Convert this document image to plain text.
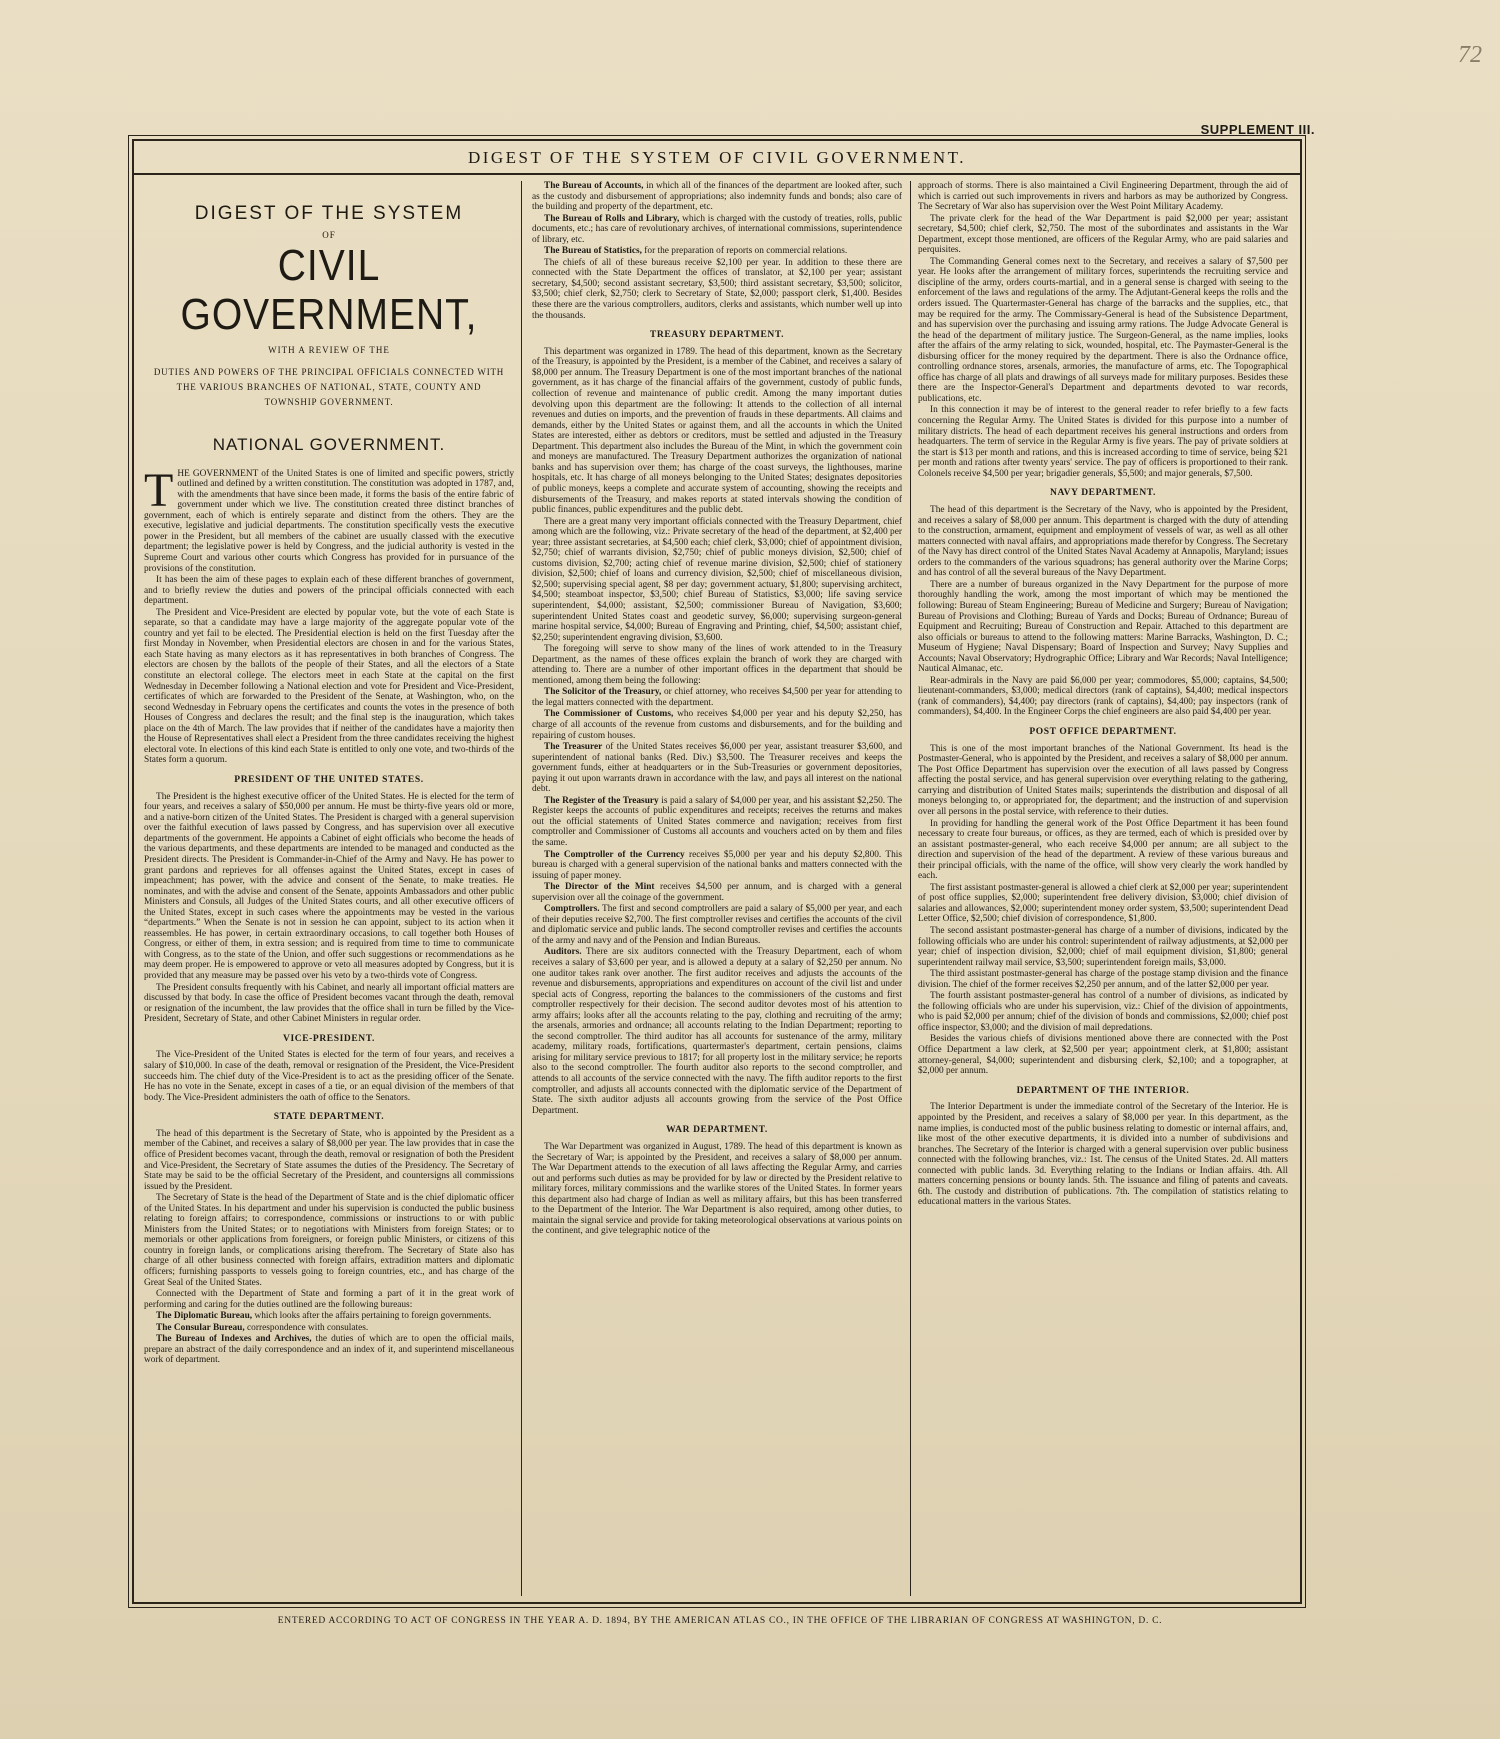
72
SUPPLEMENT III.
DIGEST OF THE SYSTEM OF CIVIL GOVERNMENT.
DIGEST OF THE SYSTEM
OF
CIVIL GOVERNMENT,
WITH A REVIEW OF THE
DUTIES AND POWERS OF THE PRINCIPAL OFFICIALS CONNECTED WITH THE VARIOUS BRANCHES OF NATIONAL, STATE, COUNTY AND TOWNSHIP GOVERNMENT.
NATIONAL GOVERNMENT.

THE GOVERNMENT of the United States is one of limited and specific powers, strictly outlined and defined by a written constitution. The constitution was adopted in 1787, and, with the amendments that have since been made, it forms the basis of the entire fabric of government under which we live. The constitution created three distinct branches of government, each of which is entirely separate and distinct from the others. They are the executive, legislative and judicial departments. The constitution specifically vests the executive power in the President, but all members of the cabinet are usually classed with the executive department; the legislative power is held by Congress, and the judicial authority is vested in the Supreme Court and various other courts which Congress has provided for in pursuance of the provisions of the constitution.

It has been the aim of these pages to explain each of these different branches of government, and to briefly review the duties and powers of the principal officials connected with each department.

The President and Vice-President are elected by popular vote, but the vote of each State is separate, so that a candidate may have a large majority of the aggregate popular vote of the country and yet fail to be elected. The Presidential election is held on the first Tuesday after the first Monday in November, when Presidential electors are chosen in and for the various States, each State having as many electors as it has representatives in both branches of Congress. The electors are chosen by the ballots of the people of their States, and all the electors of a State constitute an electoral college. The electors meet in each State at the capital on the first Wednesday in December following a National election and vote for President and Vice-President, certificates of which are forwarded to the President of the Senate, at Washington, who, on the second Wednesday in February opens the certificates and counts the votes in the presence of both Houses of Congress and declares the result; and the final step is the inauguration, which takes place on the 4th of March. The law provides that if neither of the candidates have a majority then the House of Representatives shall elect a President from the three candidates receiving the highest electoral vote. In elections of this kind each State is entitled to only one vote, and two-thirds of the States form a quorum.

PRESIDENT OF THE UNITED STATES.

The President is the highest executive officer of the United States. He is elected for the term of four years, and receives a salary of $50,000 per annum. He must be thirty-five years old or more, and a native-born citizen of the United States. The President is charged with a general supervision over the faithful execution of laws passed by Congress, and has supervision over all executive departments of the government. He appoints a Cabinet of eight officials who become the heads of the various departments, and these departments are intended to be managed and conducted as the President directs. The President is Commander-in-Chief of the Army and Navy. He has power to grant pardons and reprieves for all offenses against the United States, except in cases of impeachment; has power, with the advice and consent of the Senate, to make treaties. He nominates, and with the advise and consent of the Senate, appoints Ambassadors and other public Ministers and Consuls, all Judges of the United States courts, and all other executive officers of the United States, except in such cases where the appointments may be vested in the various “departments.” When the Senate is not in session he can appoint, subject to its action when it reassembles. He has power, in certain extraordinary occasions, to call together both Houses of Congress, or either of them, in extra session; and is required from time to time to communicate with Congress, as to the state of the Union, and offer such suggestions or recommendations as he may deem proper. He is empowered to approve or veto all measures adopted by Congress, but it is provided that any measure may be passed over his veto by a two-thirds vote of Congress.

The President consults frequently with his Cabinet, and nearly all important official matters are discussed by that body. In case the office of President becomes vacant through the death, removal or resignation of the incumbent, the law provides that the office shall in turn be filled by the Vice-President, Secretary of State, and other Cabinet Ministers in regular order.

VICE-PRESIDENT.

The Vice-President of the United States is elected for the term of four years, and receives a salary of $10,000. In case of the death, removal or resignation of the President, the Vice-President succeeds him. The chief duty of the Vice-President is to act as the presiding officer of the Senate. He has no vote in the Senate, except in cases of a tie, or an equal division of the members of that body. The Vice-President administers the oath of office to the Senators.

STATE DEPARTMENT.

The head of this department is the Secretary of State, who is appointed by the President as a member of the Cabinet, and receives a salary of $8,000 per year. The law provides that in case the office of President becomes vacant, through the death, removal or resignation of both the President and Vice-President, the Secretary of State assumes the duties of the Presidency. The Secretary of State may be said to be the official Secretary of the President, and countersigns all commissions issued by the President.

The Secretary of State is the head of the Department of State and is the chief diplomatic officer of the United States. In his department and under his supervision is conducted the public business relating to foreign affairs; to correspondence, commissions or instructions to or with public Ministers from the United States; or to negotiations with Ministers from foreign States; or to memorials or other applications from foreigners, or foreign public Ministers, or citizens of this country in foreign lands, or complications arising therefrom. The Secretary of State also has charge of all other business connected with foreign affairs, extradition matters and diplomatic officers; furnishing passports to vessels going to foreign countries, etc., and has charge of the Great Seal of the United States.

Connected with the Department of State and forming a part of it in the great work of performing and caring for the duties outlined are the following bureaus:

The Diplomatic Bureau, which looks after the affairs pertaining to foreign governments.

The Consular Bureau, correspondence with consulates.

The Bureau of Indexes and Archives, the duties of which are to open the official mails, prepare an abstract of the daily correspondence and an index of it, and superintend miscellaneous work of department.

The Bureau of Accounts, in which all of the finances of the department are looked after, such as the custody and disbursement of appropriations; also indemnity funds and bonds; also care of the building and property of the department, etc.

The Bureau of Rolls and Library, which is charged with the custody of treaties, rolls, public documents, etc.; has care of revolutionary archives, of international commissions, superintendence of library, etc.

The Bureau of Statistics, for the preparation of reports on commercial relations.

The chiefs of all of these bureaus receive $2,100 per year. In addition to these there are connected with the State Department the offices of translator, at $2,100 per year; assistant secretary, $4,500; second assistant secretary, $3,500; third assistant secretary, $3,500; solicitor, $3,500; chief clerk, $2,750; clerk to Secretary of State, $2,000; passport clerk, $1,400. Besides these there are the various comptrollers, auditors, clerks and assistants, which number well up into the thousands.

TREASURY DEPARTMENT.

This department was organized in 1789. The head of this department, known as the Secretary of the Treasury, is appointed by the President, is a member of the Cabinet, and receives a salary of $8,000 per annum. The Treasury Department is one of the most important branches of the national government, as it has charge of the financial affairs of the government, custody of public funds, collection of revenue and maintenance of public credit. Among the many important duties devolving upon this department are the following: It attends to the collection of all internal revenues and duties on imports, and the prevention of frauds in these departments. All claims and demands, either by the United States or against them, and all the accounts in which the United States are interested, either as debtors or creditors, must be settled and adjusted in the Treasury Department. This department also includes the Bureau of the Mint, in which the government coin and moneys are manufactured. The Treasury Department authorizes the organization of national banks and has supervision over them; has charge of the coast surveys, the lighthouses, marine hospitals, etc. It has charge of all moneys belonging to the United States; designates depositories of public moneys, keeps a complete and accurate system of accounting, showing the receipts and disbursements of the Treasury, and makes reports at stated intervals showing the condition of public finances, public expenditures and the public debt.

There are a great many very important officials connected with the Treasury Department, chief among which are the following, viz.: Private secretary of the head of the department, at $2,400 per year; three assistant secretaries, at $4,500 each; chief clerk, $3,000; chief of appointment division, $2,750; chief of warrants division, $2,750; chief of public moneys division, $2,500; chief of customs division, $2,700; acting chief of revenue marine division, $2,500; chief of stationery division, $2,500; chief of loans and currency division, $2,500; chief of miscellaneous division, $2,500; supervising special agent, $8 per day; government actuary, $1,800; supervising architect, $4,500; steamboat inspector, $3,500; chief Bureau of Statistics, $3,000; life saving service superintendent, $4,000; assistant, $2,500; commissioner Bureau of Navigation, $3,600; superintendent United States coast and geodetic survey, $6,000; supervising surgeon-general marine hospital service, $4,000; Bureau of Engraving and Printing, chief, $4,500; assistant chief, $2,250; superintendent engraving division, $3,600.

The foregoing will serve to show many of the lines of work attended to in the Treasury Department, as the names of these offices explain the branch of work they are charged with attending to. There are a number of other important offices in the department that should be mentioned, among them being the following:

The Solicitor of the Treasury, or chief attorney, who receives $4,500 per year for attending to the legal matters connected with the department.

The Commissioner of Customs, who receives $4,000 per year and his deputy $2,250, has charge of all accounts of the revenue from customs and disbursements, and for the building and repairing of custom houses.

The Treasurer of the United States receives $6,000 per year, assistant treasurer $3,600, and superintendent of national banks (Red. Div.) $3,500. The Treasurer receives and keeps the government funds, either at headquarters or in the Sub-Treasuries or government depositories, paying it out upon warrants drawn in accordance with the law, and pays all interest on the national debt.

The Register of the Treasury is paid a salary of $4,000 per year, and his assistant $2,250. The Register keeps the accounts of public expenditures and receipts; receives the returns and makes out the official statements of United States commerce and navigation; receives from first comptroller and Commissioner of Customs all accounts and vouchers acted on by them and files the same.

The Comptroller of the Currency receives $5,000 per year and his deputy $2,800. This bureau is charged with a general supervision of the national banks and matters connected with the issuing of paper money.

The Director of the Mint receives $4,500 per annum, and is charged with a general supervision over all the coinage of the government.

Comptrollers. The first and second comptrollers are paid a salary of $5,000 per year, and each of their deputies receive $2,700. The first comptroller revises and certifies the accounts of the civil and diplomatic service and public lands. The second comptroller revises and certifies the accounts of the army and navy and of the Pension and Indian Bureaus.

Auditors. There are six auditors connected with the Treasury Department, each of whom receives a salary of $3,600 per year, and is allowed a deputy at a salary of $2,250 per annum. No one auditor takes rank over another. The first auditor receives and adjusts the accounts of the revenue and disbursements, appropriations and expenditures on account of the civil list and under special acts of Congress, reporting the balances to the commissioners of the customs and first comptroller respectively for their decision. The second auditor devotes most of his attention to army affairs; looks after all the accounts relating to the pay, clothing and recruiting of the army; the arsenals, armories and ordnance; all accounts relating to the Indian Department; reporting to the second comptroller. The third auditor has all accounts for sustenance of the army, military academy, military roads, fortifications, quartermaster's department, certain pensions, claims arising for military service previous to 1817; for all property lost in the military service; he reports also to the second comptroller. The fourth auditor also reports to the second comptroller, and attends to all accounts of the service connected with the navy. The fifth auditor reports to the first comptroller, and adjusts all accounts connected with the diplomatic service of the Department of State. The sixth auditor adjusts all accounts growing from the service of the Post Office Department.

WAR DEPARTMENT.

The War Department was organized in August, 1789. The head of this department is known as the Secretary of War; is appointed by the President, and receives a salary of $8,000 per annum. The War Department attends to the execution of all laws affecting the Regular Army, and carries out and performs such duties as may be provided for by law or directed by the President relative to military forces, military commissions and the warlike stores of the United States. In former years this department also had charge of Indian as well as military affairs, but this has been transferred to the Department of the Interior. The War Department is also required, among other duties, to maintain the signal service and provide for taking meteorological observations at various points on the continent, and give telegraphic notice of the

approach of storms. There is also maintained a Civil Engineering Department, through the aid of which is carried out such improvements in rivers and harbors as may be authorized by Congress. The Secretary of War also has supervision over the West Point Military Academy.

The private clerk for the head of the War Department is paid $2,000 per year; assistant secretary, $4,500; chief clerk, $2,750. The most of the subordinates and assistants in the War Department, except those mentioned, are officers of the Regular Army, who are paid salaries and perquisites.

The Commanding General comes next to the Secretary, and receives a salary of $7,500 per year. He looks after the arrangement of military forces, superintends the recruiting service and discipline of the army, orders courts-martial, and in a general sense is charged with seeing to the enforcement of the laws and regulations of the army. The Adjutant-General keeps the rolls and the orders issued. The Quartermaster-General has charge of the barracks and the supplies, etc., that may be required for the army. The Commissary-General is head of the Subsistence Department, and has supervision over the purchasing and issuing army rations. The Judge Advocate General is the head of the department of military justice. The Surgeon-General, as the name implies, looks after the affairs of the army relating to sick, wounded, hospital, etc. The Paymaster-General is the disbursing officer for the money required by the department. There is also the Ordnance office, controlling ordnance stores, arsenals, armories, the manufacture of arms, etc. The Topographical office has charge of all plats and drawings of all surveys made for military purposes. Besides these there are the Inspector-General's Department and departments devoted to war records, publications, etc.

In this connection it may be of interest to the general reader to refer briefly to a few facts concerning the Regular Army. The United States is divided for this purpose into a number of military districts. The head of each department receives his general instructions and orders from headquarters. The term of service in the Regular Army is five years. The pay of private soldiers at the start is $13 per month and rations, and this is increased according to time of service, being $21 per month and rations after twenty years' service. The pay of officers is proportioned to their rank. Colonels receive $4,500 per year; brigadier generals, $5,500; and major generals, $7,500.

NAVY DEPARTMENT.

The head of this department is the Secretary of the Navy, who is appointed by the President, and receives a salary of $8,000 per annum. This department is charged with the duty of attending to the construction, armament, equipment and employment of vessels of war, as well as all other matters connected with naval affairs, and appropriations made therefor by Congress. The Secretary of the Navy has direct control of the United States Naval Academy at Annapolis, Maryland; issues orders to the commanders of the various squadrons; has general authority over the Marine Corps; and has control of all the several bureaus of the Navy Department.

There are a number of bureaus organized in the Navy Department for the purpose of more thoroughly handling the work, among the most important of which may be mentioned the following: Bureau of Steam Engineering; Bureau of Medicine and Surgery; Bureau of Navigation; Bureau of Provisions and Clothing; Bureau of Yards and Docks; Bureau of Ordnance; Bureau of Equipment and Recruiting; Bureau of Construction and Repair. Attached to this department are also officials or bureaus to attend to the following matters: Marine Barracks, Washington, D. C.; Museum of Hygiene; Naval Dispensary; Board of Inspection and Survey; Navy Supplies and Accounts; Naval Observatory; Hydrographic Office; Library and War Records; Naval Intelligence; Nautical Almanac, etc.

Rear-admirals in the Navy are paid $6,000 per year; commodores, $5,000; captains, $4,500; lieutenant-commanders, $3,000; medical directors (rank of captains), $4,400; medical inspectors (rank of commanders), $4,400; pay directors (rank of captains), $4,400; pay inspectors (rank of commanders), $4,400. In the Engineer Corps the chief engineers are also paid $4,400 per year.

POST OFFICE DEPARTMENT.

This is one of the most important branches of the National Government. Its head is the Postmaster-General, who is appointed by the President, and receives a salary of $8,000 per annum. The Post Office Department has supervision over the execution of all laws passed by Congress affecting the postal service, and has general supervision over everything relating to the gathering, carrying and distribution of United States mails; superintends the distribution and disposal of all moneys belonging to, or appropriated for, the department; and the instruction of and supervision over all persons in the postal service, with reference to their duties.

In providing for handling the general work of the Post Office Department it has been found necessary to create four bureaus, or offices, as they are termed, each of which is presided over by an assistant postmaster-general, who each receive $4,000 per annum; are all subject to the direction and supervision of the head of the department. A review of these various bureaus and their principal officials, with the name of the office, will show very clearly the work handled by each.

The first assistant postmaster-general is allowed a chief clerk at $2,000 per year; superintendent of post office supplies, $2,000; superintendent free delivery division, $3,000; chief division of salaries and allowances, $2,000; superintendent money order system, $3,500; superintendent Dead Letter Office, $2,500; chief division of correspondence, $1,800.

The second assistant postmaster-general has charge of a number of divisions, indicated by the following officials who are under his control: superintendent of railway adjustments, at $2,000 per year; chief of inspection division, $2,000; chief of mail equipment division, $1,800; general superintendent railway mail service, $3,500; superintendent foreign mails, $3,000.

The third assistant postmaster-general has charge of the postage stamp division and the finance division. The chief of the former receives $2,250 per annum, and of the latter $2,000 per year.

The fourth assistant postmaster-general has control of a number of divisions, as indicated by the following officials who are under his supervision, viz.: Chief of the division of appointments, who is paid $2,000 per annum; chief of the division of bonds and commissions, $2,000; chief post office inspector, $3,000; and the division of mail depredations.

Besides the various chiefs of divisions mentioned above there are connected with the Post Office Department a law clerk, at $2,500 per year; appointment clerk, at $1,800; assistant attorney-general, $4,000; superintendent and disbursing clerk, $2,100; and a topographer, at $2,000 per annum.

DEPARTMENT OF THE INTERIOR.

The Interior Department is under the immediate control of the Secretary of the Interior. He is appointed by the President, and receives a salary of $8,000 per year. In this department, as the name implies, is conducted most of the public business relating to domestic or internal affairs, and, like most of the other executive departments, it is divided into a number of subdivisions and branches. The Secretary of the Interior is charged with a general supervision over public business connected with the following branches, viz.: 1st. The census of the United States. 2d. All matters connected with public lands. 3d. Everything relating to the Indians or Indian affairs. 4th. All matters concerning pensions or bounty lands. 5th. The issuance and filing of patents and caveats. 6th. The custody and distribution of publications. 7th. The compilation of statistics relating to educational matters in the various States.

ENTERED ACCORDING TO ACT OF CONGRESS IN THE YEAR A. D. 1894, BY THE AMERICAN ATLAS CO., IN THE OFFICE OF THE LIBRARIAN OF CONGRESS AT WASHINGTON, D. C.
